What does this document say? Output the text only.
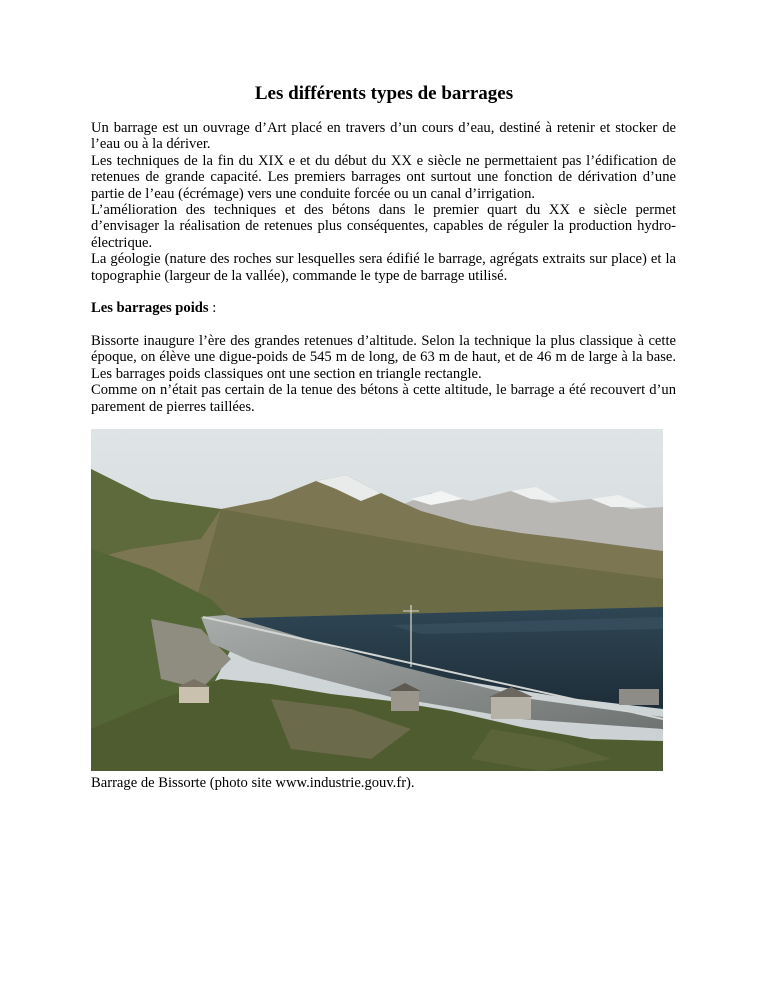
Les différents types de barrages

Un barrage est un ouvrage d’Art placé en travers d’un cours d’eau, destiné à retenir et stocker de l’eau ou à la dériver.

Les techniques de la fin du XIX e et du début du XX e siècle ne permettaient pas l’édification de retenues de grande capacité. Les premiers barrages ont surtout une fonction de dérivation d’une partie de l’eau (écrémage) vers une conduite forcée ou un canal d’irrigation.

L’amélioration des techniques et des bétons dans le premier quart du XX e siècle permet d’envisager la réalisation de retenues plus conséquentes, capables de réguler la production hydro-électrique.

La géologie (nature des roches sur lesquelles sera édifié le barrage, agrégats extraits sur place) et la topographie (largeur de la vallée), commande le type de barrage utilisé.

Les barrages poids :

Bissorte inaugure l’ère des grandes retenues d’altitude. Selon la technique la plus classique à cette époque, on élève une digue-poids de 545 m de long, de 63 m de haut, et de 46 m de large à la base. Les barrages poids classiques ont une section en triangle rectangle.

Comme on n’était pas certain de la tenue des bétons à cette altitude, le barrage a été recouvert d’un parement de pierres taillées.

Barrage de Bissorte (photo site www.industrie.gouv.fr).
